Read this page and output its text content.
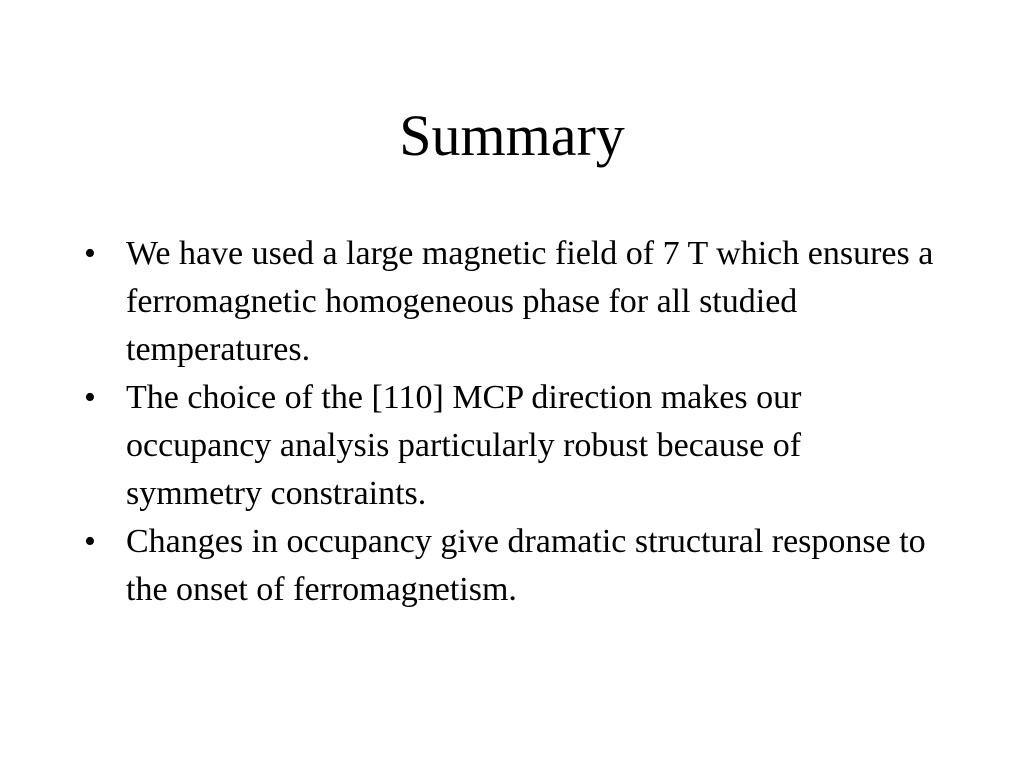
Summary
• We have used a large magnetic field of 7 T which ensures a ferromagnetic homogeneous phase for all studied temperatures.
• The choice of the [110] MCP direction makes our occupancy analysis particularly robust because of symmetry constraints.
• Changes in occupancy give dramatic structural response to the onset of ferromagnetism.
